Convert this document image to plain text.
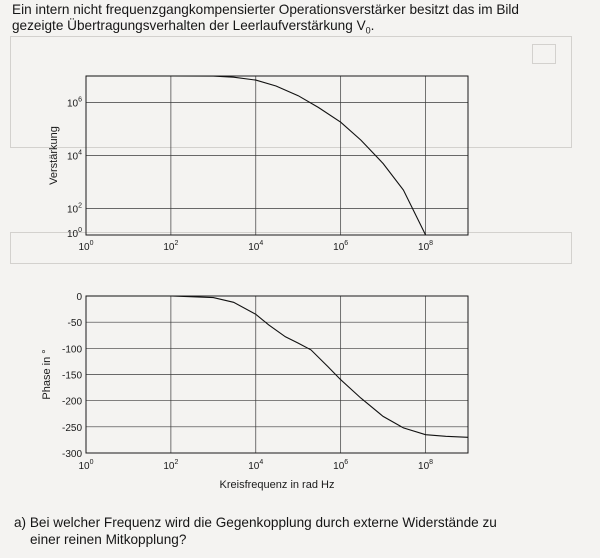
Ein intern nicht frequenzgangkompensierter Operationsverstärker besitzt das im Bild
gezeigte Übertragungsverhalten der Leerlaufverstärkung $V_0$.

$10^0$	$10^2$	$10^4$	$10^6$	$10^8$
$10^0$
$10^2$
$10^4$
$10^6$
Verstärkung
$10^0$	$10^2$	$10^4$	$10^6$	$10^8$
0
-50
-100
-150
-200
-250
-300
Phase in °
Kreisfrequenz in rad Hz

a) Bei welcher Frequenz wird die Gegenkopplung durch externe Widerstände zu
einer reinen Mitkopplung?
